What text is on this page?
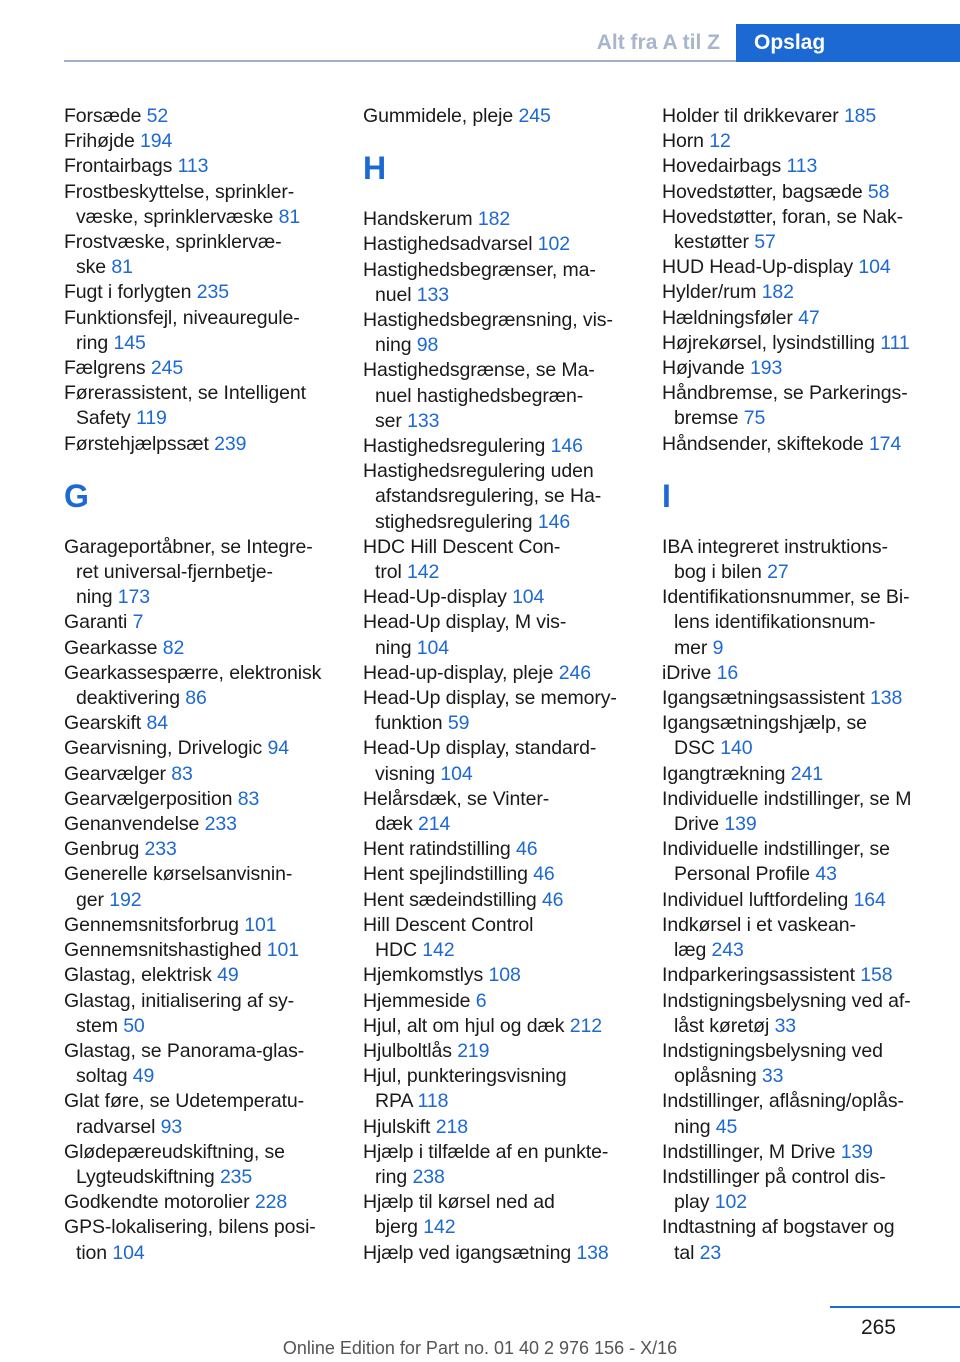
Alt fra A til Z	Opslag
Forsæde 52
Frihøjde 194
Frontairbags 113
Frostbeskyttelse, sprinkler-
væske, sprinklervæske 81
Frostvæske, sprinklervæ-
ske 81
Fugt i forlygten 235
Funktionsfejl, niveauregule-
ring 145
Fælgrens 245
Førerassistent, se Intelligent
Safety 119
Førstehjælpssæt 239
G
Garageportåbner, se Integre-
ret universal-fjernbetje-
ning 173
Garanti 7
Gearkasse 82
Gearkassespærre, elektronisk
deaktivering 86
Gearskift 84
Gearvisning, Drivelogic 94
Gearvælger 83
Gearvælgerposition 83
Genanvendelse 233
Genbrug 233
Generelle kørselsanvisnin-
ger 192
Gennemsnitsforbrug 101
Gennemsnitshastighed 101
Glastag, elektrisk 49
Glastag, initialisering af sy-
stem 50
Glastag, se Panorama-glas-
soltag 49
Glat føre, se Udetemperatu-
radvarsel 93
Glødepæreudskiftning, se
Lygteudskiftning 235
Godkendte motorolier 228
GPS-lokalisering, bilens posi-
tion 104
Gummidele, pleje 245
H
Handskerum 182
Hastighedsadvarsel 102
Hastighedsbegrænser, ma-
nuel 133
Hastighedsbegrænsning, vis-
ning 98
Hastighedsgrænse, se Ma-
nuel hastighedsbegræn-
ser 133
Hastighedsregulering 146
Hastighedsregulering uden
afstandsregulering, se Ha-
stighedsregulering 146
HDC Hill Descent Con-
trol 142
Head-Up-display 104
Head-Up display, M vis-
ning 104
Head-up-display, pleje 246
Head-Up display, se memory-
funktion 59
Head-Up display, standard-
visning 104
Helårsdæk, se Vinter-
dæk 214
Hent ratindstilling 46
Hent spejlindstilling 46
Hent sædeindstilling 46
Hill Descent Control
HDC 142
Hjemkomstlys 108
Hjemmeside 6
Hjul, alt om hjul og dæk 212
Hjulboltlås 219
Hjul, punkteringsvisning
RPA 118
Hjulskift 218
Hjælp i tilfælde af en punkte-
ring 238
Hjælp til kørsel ned ad
bjerg 142
Hjælp ved igangsætning 138
Holder til drikkevarer 185
Horn 12
Hovedairbags 113
Hovedstøtter, bagsæde 58
Hovedstøtter, foran, se Nak-
kestøtter 57
HUD Head-Up-display 104
Hylder/rum 182
Hældningsføler 47
Højrekørsel, lysindstilling 111
Højvande 193
Håndbremse, se Parkerings-
bremse 75
Håndsender, skiftekode 174
I
IBA integreret instruktions-
bog i bilen 27
Identifikationsnummer, se Bi-
lens identifikationsnum-
mer 9
iDrive 16
Igangsætningsassistent 138
Igangsætningshjælp, se
DSC 140
Igangtrækning 241
Individuelle indstillinger, se M
Drive 139
Individuelle indstillinger, se
Personal Profile 43
Individuel luftfordeling 164
Indkørsel i et vaskean-
læg 243
Indparkeringsassistent 158
Indstigningsbelysning ved af-
låst køretøj 33
Indstigningsbelysning ved
oplåsning 33
Indstillinger, aflåsning/oplås-
ning 45
Indstillinger, M Drive 139
Indstillinger på control dis-
play 102
Indtastning af bogstaver og
tal 23
265
Online Edition for Part no. 01 40 2 976 156 - X/16
